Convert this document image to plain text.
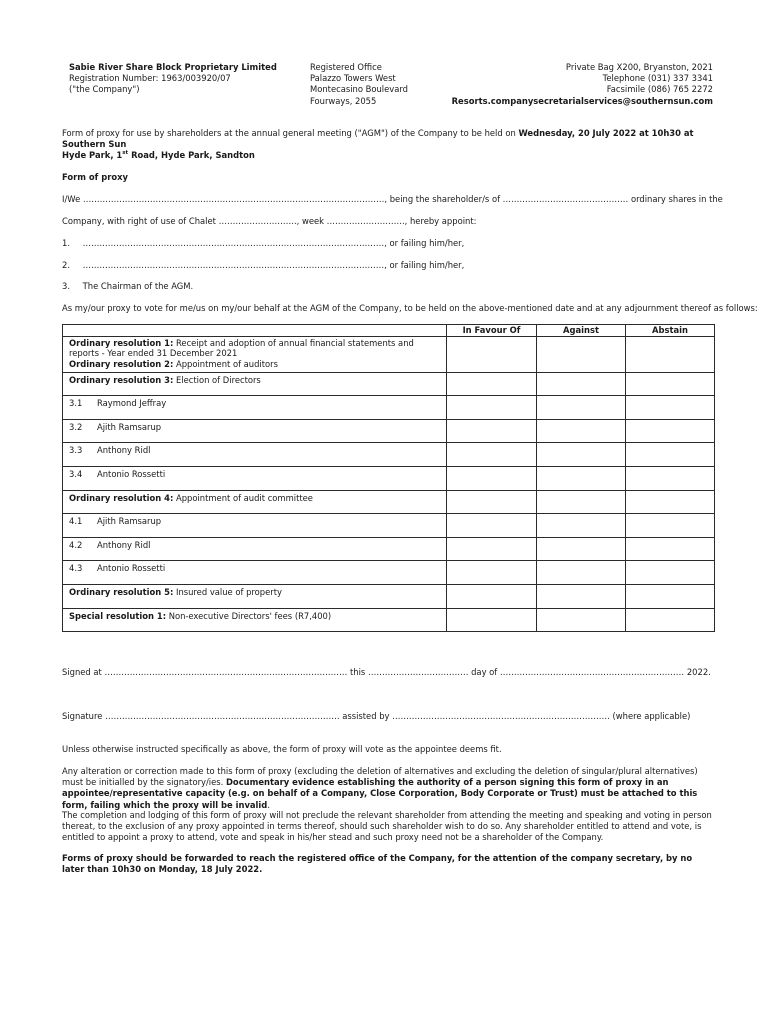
Sabie River Share Block Proprietary Limited
Registration Number: 1963/003920/07
("the Company")
Registered Office
Palazzo Towers West
Montecasino Boulevard
Fourways, 2055
Private Bag X200, Bryanston, 2021
Telephone (031) 337 3341
Facsimile (086) 765 2272
Resorts.companysecretarialservices@southernsun.com
Form of proxy for use by shareholders at the annual general meeting ("AGM") of the Company to be held on Wednesday, 20 July 2022 at 10h30 at Southern Sun
Hyde Park, 1st Road, Hyde Park, Sandton
Form of proxy
I/We ………………………………………………………………………………………………, being the shareholder/s of ……………………………………… ordinary shares in the
Company, with right of use of Chalet ………………………., week ………………………., hereby appoint:
1. ………………………………………………………………………………………………, or failing him/her,
2. ………………………………………………………………………………………………, or failing him/her,
3. The Chairman of the AGM.
As my/our proxy to vote for me/us on my/our behalf at the AGM of the Company, to be held on the above-mentioned date and at any adjournment thereof as follows:
	In Favour Of	Against	Abstain
Ordinary resolution 1: Receipt and adoption of annual financial statements and reports - Year ended 31 December 2021
Ordinary resolution 2: Appointment of auditors			
Ordinary resolution 3: Election of Directors			
3.1 Raymond Jeffray			
3.2 Ajith Ramsarup			
3.3 Anthony Ridl			
3.4 Antonio Rossetti			
Ordinary resolution 4: Appointment of audit committee			
4.1 Ajith Ramsarup			
4.2 Anthony Ridl			
4.3 Antonio Rossetti			
Ordinary resolution 5: Insured value of property			
Special resolution 1: Non-executive Directors' fees (R7,400)			
Signed at …………………………………………………………………………… this ……………………………… day of ………………………………………………………… 2022.
Signature ………………………………………………………………………… assisted by …………………………………………………………………… (where applicable)
Unless otherwise instructed specifically as above, the form of proxy will vote as the appointee deems fit.
Any alteration or correction made to this form of proxy (excluding the deletion of alternatives and excluding the deletion of singular/plural alternatives) must be initialled by the signatory/ies. Documentary evidence establishing the authority of a person signing this form of proxy in an appointee/representative capacity (e.g. on behalf of a Company, Close Corporation, Body Corporate or Trust) must be attached to this form, failing which the proxy will be invalid.
The completion and lodging of this form of proxy will not preclude the relevant shareholder from attending the meeting and speaking and voting in person thereat, to the exclusion of any proxy appointed in terms thereof, should such shareholder wish to do so. Any shareholder entitled to attend and vote, is entitled to appoint a proxy to attend, vote and speak in his/her stead and such proxy need not be a shareholder of the Company.
Forms of proxy should be forwarded to reach the registered office of the Company, for the attention of the company secretary, by no later than 10h30 on Monday, 18 July 2022.
